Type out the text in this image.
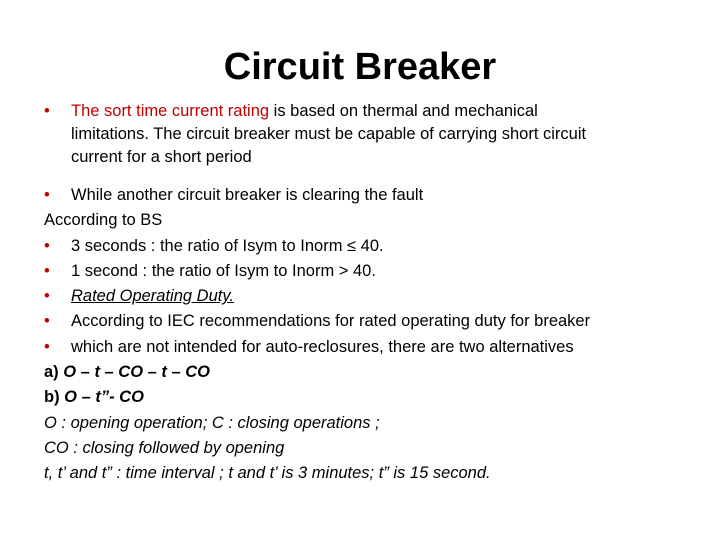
Circuit Breaker
• The sort time current rating is based on thermal and mechanical
limitations. The circuit breaker must be capable of carrying short circuit
current for a short period
• While another circuit breaker is clearing the fault
According to BS
• 3 seconds : the ratio of Isym to Inorm ≤ 40.
• 1 second : the ratio of Isym to Inorm > 40.
• Rated Operating Duty.
• According to IEC recommendations for rated operating duty for breaker
• which are not intended for auto-reclosures, there are two alternatives
a) O – t – CO – t – CO
b) O – t”- CO
O : opening operation; C : closing operations ;
CO : closing followed by opening
t, t’ and t” : time interval ; t and t’ is 3 minutes; t” is 15 second.
